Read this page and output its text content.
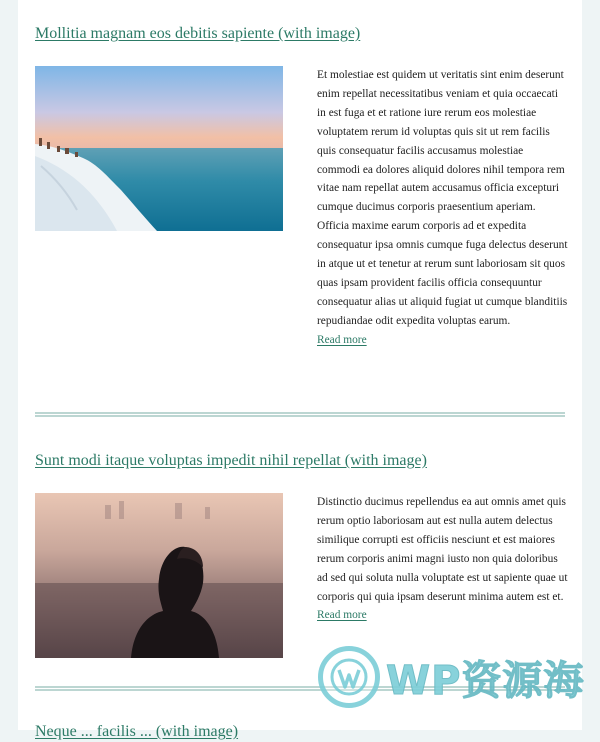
Mollitia magnam eos debitis sapiente (with image)

Et molestiae est quidem ut veritatis sint enim deserunt enim repellat necessitatibus veniam et quia occaecati in est fuga et et ratione iure rerum eos molestiae voluptatem rerum id voluptas quis sit ut rem facilis quis consequatur facilis accusamus molestiae commodi ea dolores aliquid dolores nihil tempora rem vitae nam repellat autem accusamus officia excepturi cumque ducimus corporis praesentium aperiam.

Officia maxime earum corporis ad et expedita consequatur ipsa omnis cumque fuga delectus deserunt in atque ut et tenetur at rerum sunt laboriosam sit quos quas ipsam provident facilis officia consequuntur consequatur alias ut aliquid fugiat ut cumque blanditiis repudiandae odit expedita voluptas earum.

Read more
Sunt modi itaque voluptas impedit nihil repellat (with image)

Distinctio ducimus repellendus ea aut omnis amet quis rerum optio laboriosam aut est nulla autem delectus similique corrupti est officiis nesciunt et est maiores rerum corporis animi magni iusto non quia doloribus ad sed qui soluta nulla voluptate est ut sapiente quae ut corporis qui quia ipsam deserunt minima autem est et.

Read more
Neque ... facilis ... (with image)
WP资源海
